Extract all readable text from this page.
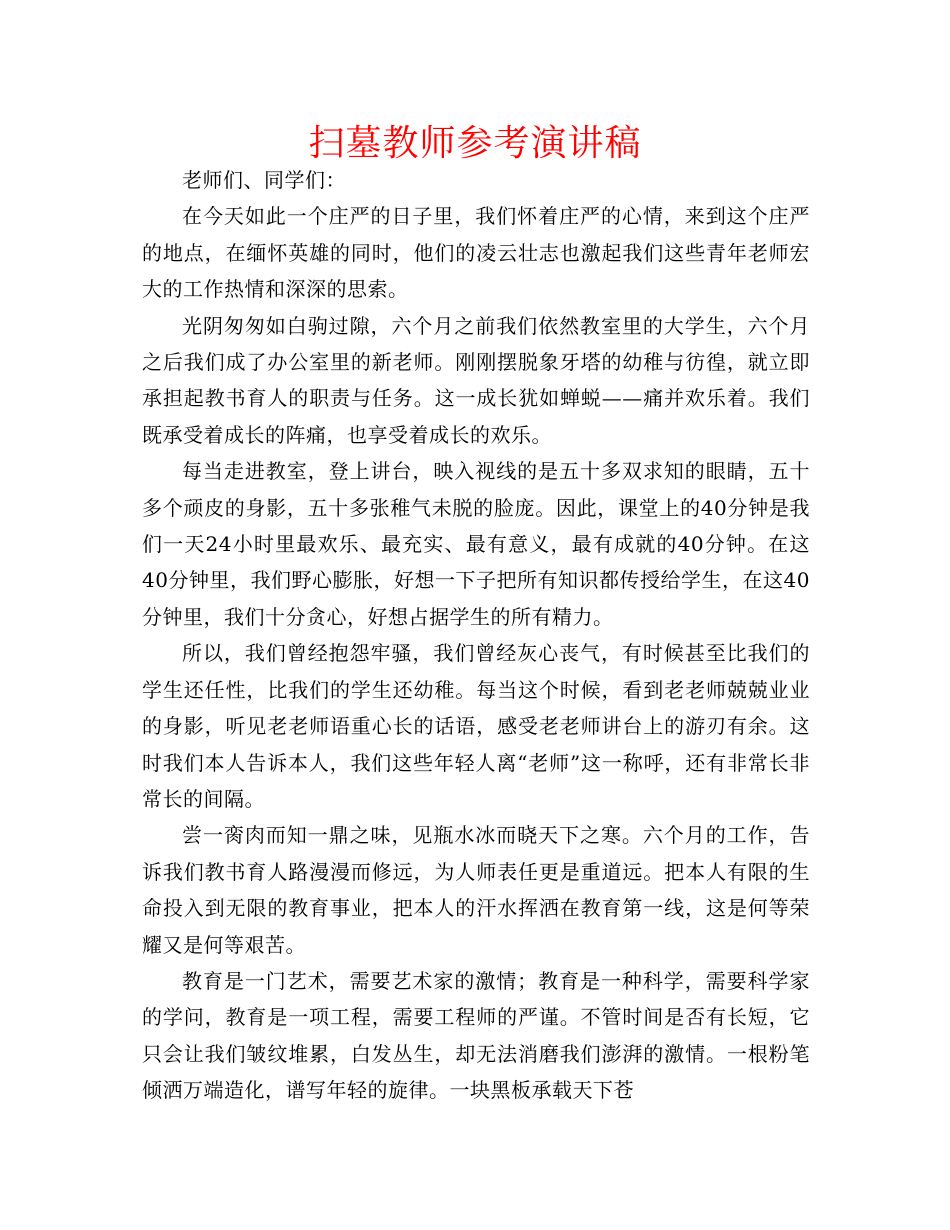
扫墓教师参考演讲稿

老师们、同学们：

在今天如此一个庄严的日子里，我们怀着庄严的心情，来到这个庄严的地点，在缅怀英雄的同时，他们的凌云壮志也激起我们这些青年老师宏大的工作热情和深深的思索。

光阴匆匆如白驹过隙，六个月之前我们依然教室里的大学生，六个月之后我们成了办公室里的新老师。刚刚摆脱象牙塔的幼稚与彷徨，就立即承担起教书育人的职责与任务。这一成长犹如蝉蜕——痛并欢乐着。我们既承受着成长的阵痛，也享受着成长的欢乐。

每当走进教室，登上讲台，映入视线的是五十多双求知的眼睛，五十多个顽皮的身影，五十多张稚气未脱的脸庞。因此，课堂上的40分钟是我们一天24小时里最欢乐、最充实、最有意义，最有成就的40分钟。在这40分钟里，我们野心膨胀，好想一下子把所有知识都传授给学生，在这40分钟里，我们十分贪心，好想占据学生的所有精力。

所以，我们曾经抱怨牢骚，我们曾经灰心丧气，有时候甚至比我们的学生还任性，比我们的学生还幼稚。每当这个时候，看到老老师兢兢业业的身影，听见老老师语重心长的话语，感受老老师讲台上的游刃有余。这时我们本人告诉本人，我们这些年轻人离“老师”这一称呼，还有非常长非常长的间隔。

尝一脔肉而知一鼎之味，见瓶水冰而晓天下之寒。六个月的工作，告诉我们教书育人路漫漫而修远，为人师表任更是重道远。把本人有限的生命投入到无限的教育事业，把本人的汗水挥洒在教育第一线，这是何等荣耀又是何等艰苦。

教育是一门艺术，需要艺术家的激情；教育是一种科学，需要科学家的学问，教育是一项工程，需要工程师的严谨。不管时间是否有长短，它只会让我们皱纹堆累，白发丛生，却无法消磨我们澎湃的激情。一根粉笔倾洒万端造化，谱写年轻的旋律。一块黑板承载天下苍
